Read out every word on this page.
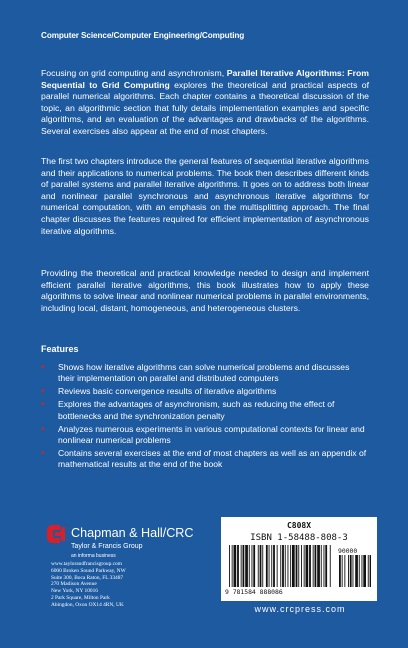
Computer Science/Computer Engineering/Computing

Focusing on grid computing and asynchronism, Parallel Iterative Algorithms: From Sequential to Grid Computing explores the theoretical and practical aspects of parallel numerical algorithms. Each chapter contains a theoretical discussion of the topic, an algorithmic section that fully details implementation examples and specific algorithms, and an evaluation of the advantages and drawbacks of the algorithms. Several exercises also appear at the end of most chapters.

The first two chapters introduce the general features of sequential iterative algorithms and their applications to numerical problems. The book then describes different kinds of parallel systems and parallel iterative algorithms. It goes on to address both linear and nonlinear parallel synchronous and asynchronous iterative algorithms for numerical computation, with an emphasis on the multisplitting approach. The final chapter discusses the features required for efficient implementation of asynchronous iterative algorithms.

Providing the theoretical and practical knowledge needed to design and implement efficient parallel iterative algorithms, this book illustrates how to apply these algorithms to solve linear and nonlinear numerical problems in parallel environments, including local, distant, homogeneous, and heterogeneous clusters.

Features
• Shows how iterative algorithms can solve numerical problems and discusses their implementation on parallel and distributed computers
• Reviews basic convergence results of iterative algorithms
• Explores the advantages of asynchronism, such as reducing the effect of bottlenecks and the synchronization penalty
• Analyzes numerous experiments in various computational contexts for linear and nonlinear numerical problems
• Contains several exercises at the end of most chapters as well as an appendix of mathematical results at the end of the book
Chapman & Hall/CRC
Taylor & Francis Group
an informa business
6000 Broken Sound Parkway, NW
Suite 300, Boca Raton, FL 33487
270 Madison Avenue
New York, NY 10016
2 Park Square, Milton Park
Abingdon, Oxon OX14 4RN, UK
www.taylorandfrancisgroup.com
C808X
ISBN 1-58488-808-3
9 781584 888086
90000
www.crcpress.com
